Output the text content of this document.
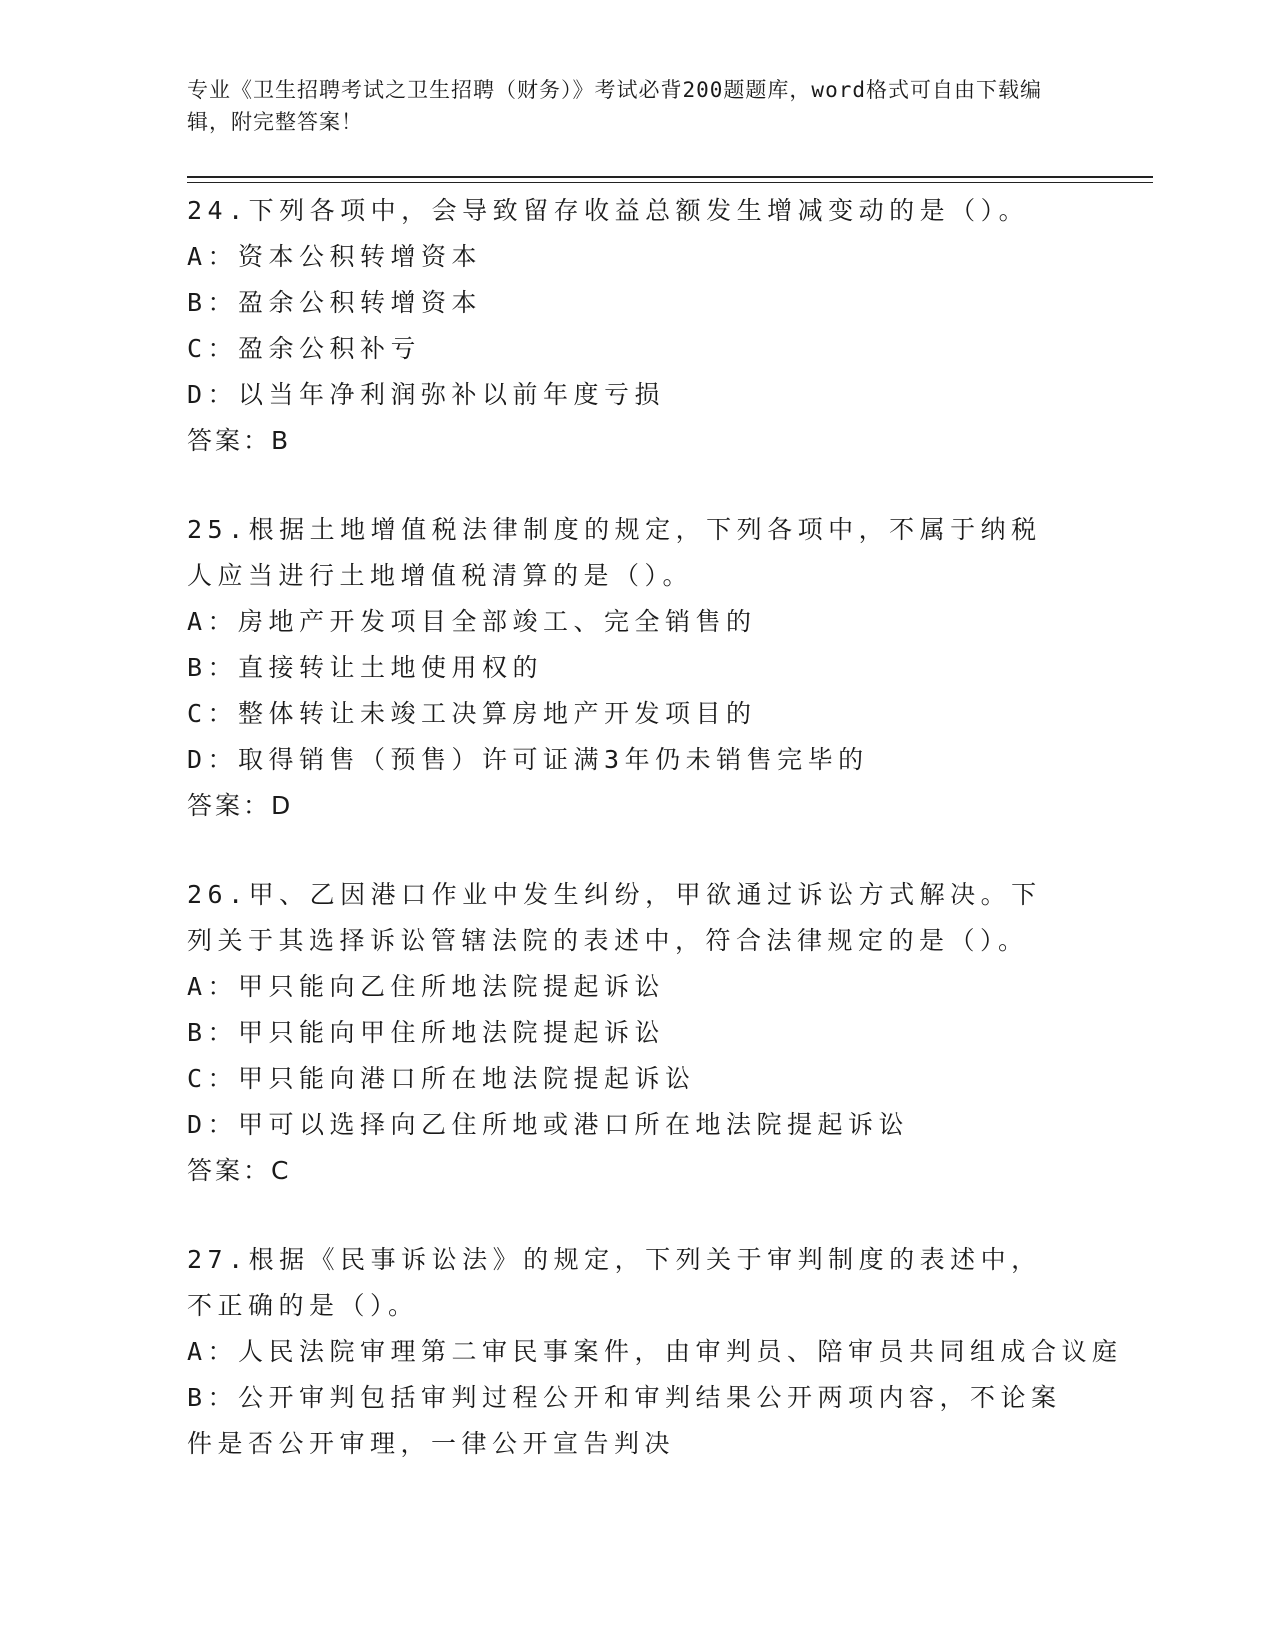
专业《卫生招聘考试之卫生招聘（财务）》考试必背200题题库，word格式可自由下载编辑，附完整答案！
24.下列各项中，会导致留存收益总额发生增减变动的是（）。
A：资本公积转增资本
B：盈余公积转增资本
C：盈余公积补亏
D：以当年净利润弥补以前年度亏损
答案：B
25.根据土地增值税法律制度的规定，下列各项中，不属于纳税人应当进行土地增值税清算的是（）。
A：房地产开发项目全部竣工、完全销售的
B：直接转让土地使用权的
C：整体转让未竣工决算房地产开发项目的
D：取得销售（预售）许可证满3年仍未销售完毕的
答案：D
26.甲、乙因港口作业中发生纠纷，甲欲通过诉讼方式解决。下列关于其选择诉讼管辖法院的表述中，符合法律规定的是（）。
A：甲只能向乙住所地法院提起诉讼
B：甲只能向甲住所地法院提起诉讼
C：甲只能向港口所在地法院提起诉讼
D：甲可以选择向乙住所地或港口所在地法院提起诉讼
答案：C
27.根据《民事诉讼法》的规定，下列关于审判制度的表述中，不正确的是（）。
A：人民法院审理第二审民事案件，由审判员、陪审员共同组成合议庭
B：公开审判包括审判过程公开和审判结果公开两项内容，不论案件是否公开审理，一律公开宣告判决
